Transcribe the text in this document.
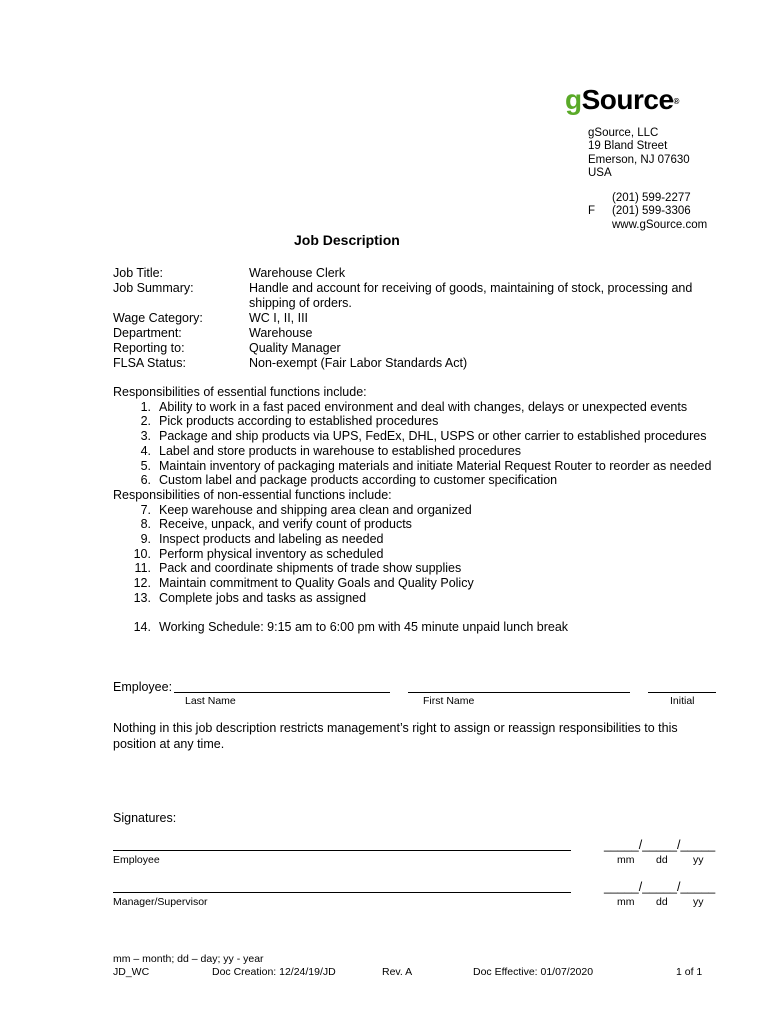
gSource®
gSource, LLC
19 Bland Street
Emerson, NJ 07630
USA
(201) 599-2277
F (201) 599-3306
www.gSource.com
Job Description
Job Title:	Warehouse Clerk
Job Summary:	Handle and account for receiving of goods, maintaining of stock, processing and shipping of orders.
Wage Category:	WC I, II, III
Department:	Warehouse
Reporting to:	Quality Manager
FLSA Status:	Non-exempt (Fair Labor Standards Act)
Responsibilities of essential functions include:
1. Ability to work in a fast paced environment and deal with changes, delays or unexpected events
2. Pick products according to established procedures
3. Package and ship products via UPS, FedEx, DHL, USPS or other carrier to established procedures
4. Label and store products in warehouse to established procedures
5. Maintain inventory of packaging materials and initiate Material Request Router to reorder as needed
6. Custom label and package products according to customer specification
Responsibilities of non-essential functions include:
7. Keep warehouse and shipping area clean and organized
8. Receive, unpack, and verify count of products
9. Inspect products and labeling as needed
10. Perform physical inventory as scheduled
11. Pack and coordinate shipments of trade show supplies
12. Maintain commitment to Quality Goals and Quality Policy
13. Complete jobs and tasks as assigned
14. Working Schedule: 9:15 am to 6:00 pm with 45 minute unpaid lunch break
Employee:
Last Name	First Name	Initial
Nothing in this job description restricts management’s right to assign or reassign responsibilities to this position at any time.
Signatures:
_____/_____/_____
Employee	mm dd yy
_____/_____/_____
Manager/Supervisor	mm dd yy
mm – month; dd – day; yy - year
JD_WC	Doc Creation: 12/24/19/JD	Rev. A	Doc Effective: 01/07/2020	1 of 1
